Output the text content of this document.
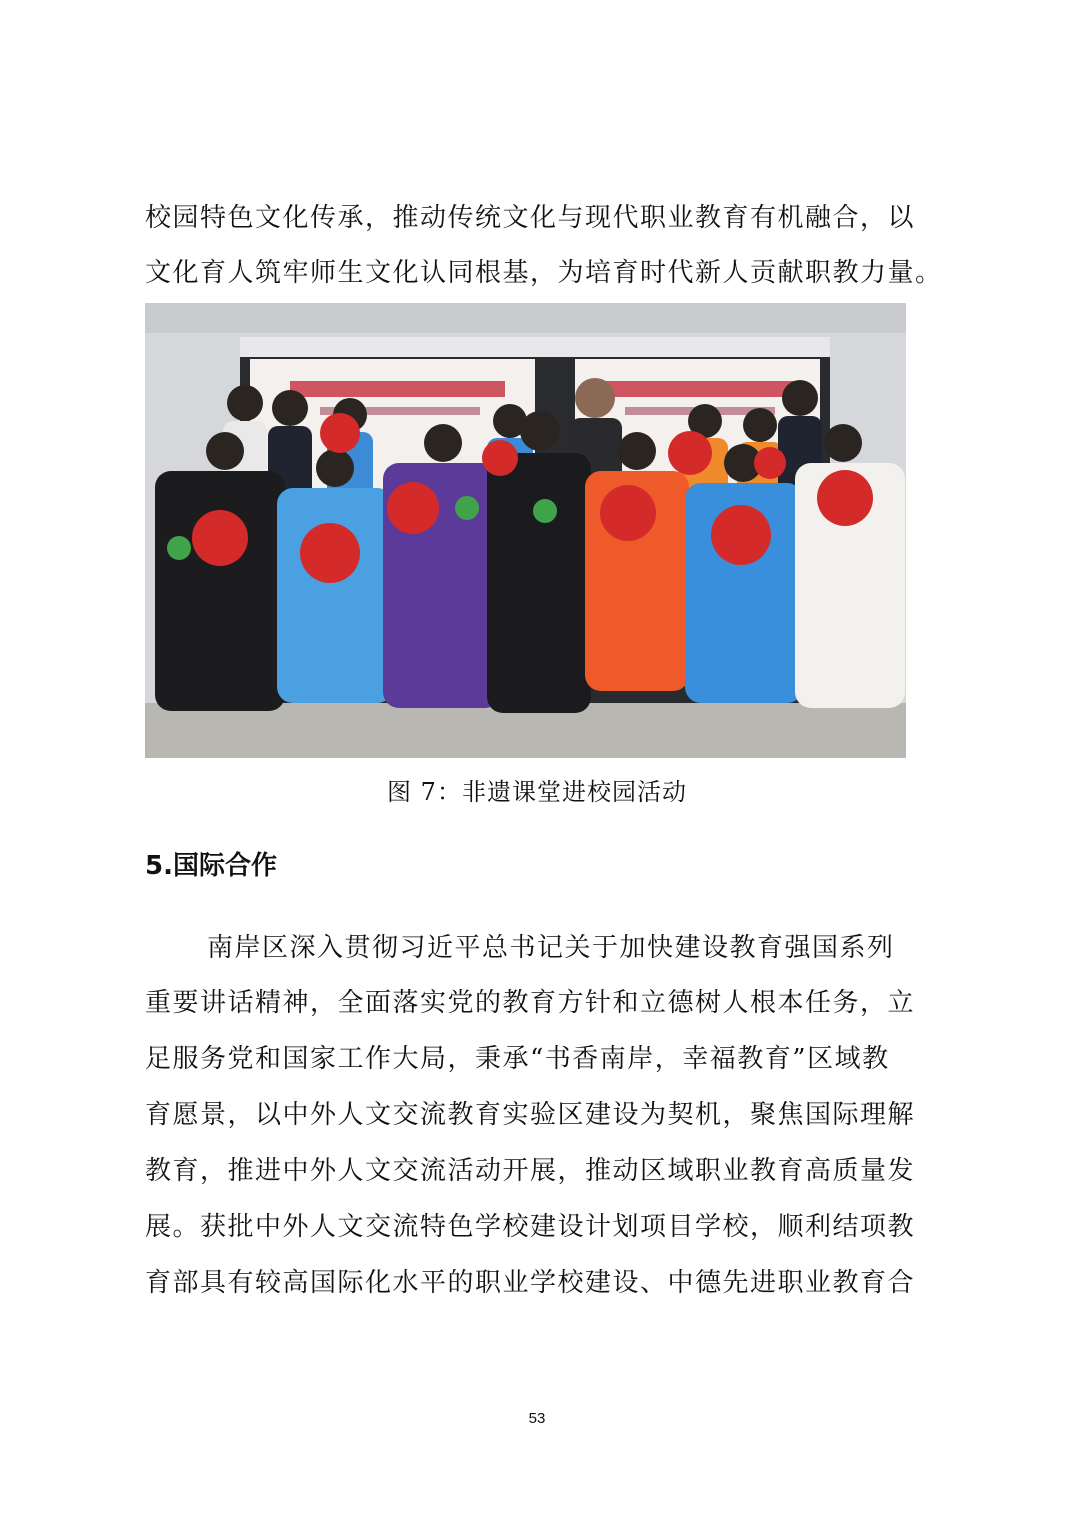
校园特色文化传承，推动传统文化与现代职业教育有机融合，以
文化育人筑牢师生文化认同根基，为培育时代新人贡献职教力量。
图 7：非遗课堂进校园活动
5.国际合作
南岸区深入贯彻习近平总书记关于加快建设教育强国系列
重要讲话精神，全面落实党的教育方针和立德树人根本任务，立
足服务党和国家工作大局，秉承“书香南岸，幸福教育”区域教
育愿景，以中外人文交流教育实验区建设为契机，聚焦国际理解
教育，推进中外人文交流活动开展，推动区域职业教育高质量发
展。获批中外人文交流特色学校建设计划项目学校，顺利结项教
育部具有较高国际化水平的职业学校建设、中德先进职业教育合
53
